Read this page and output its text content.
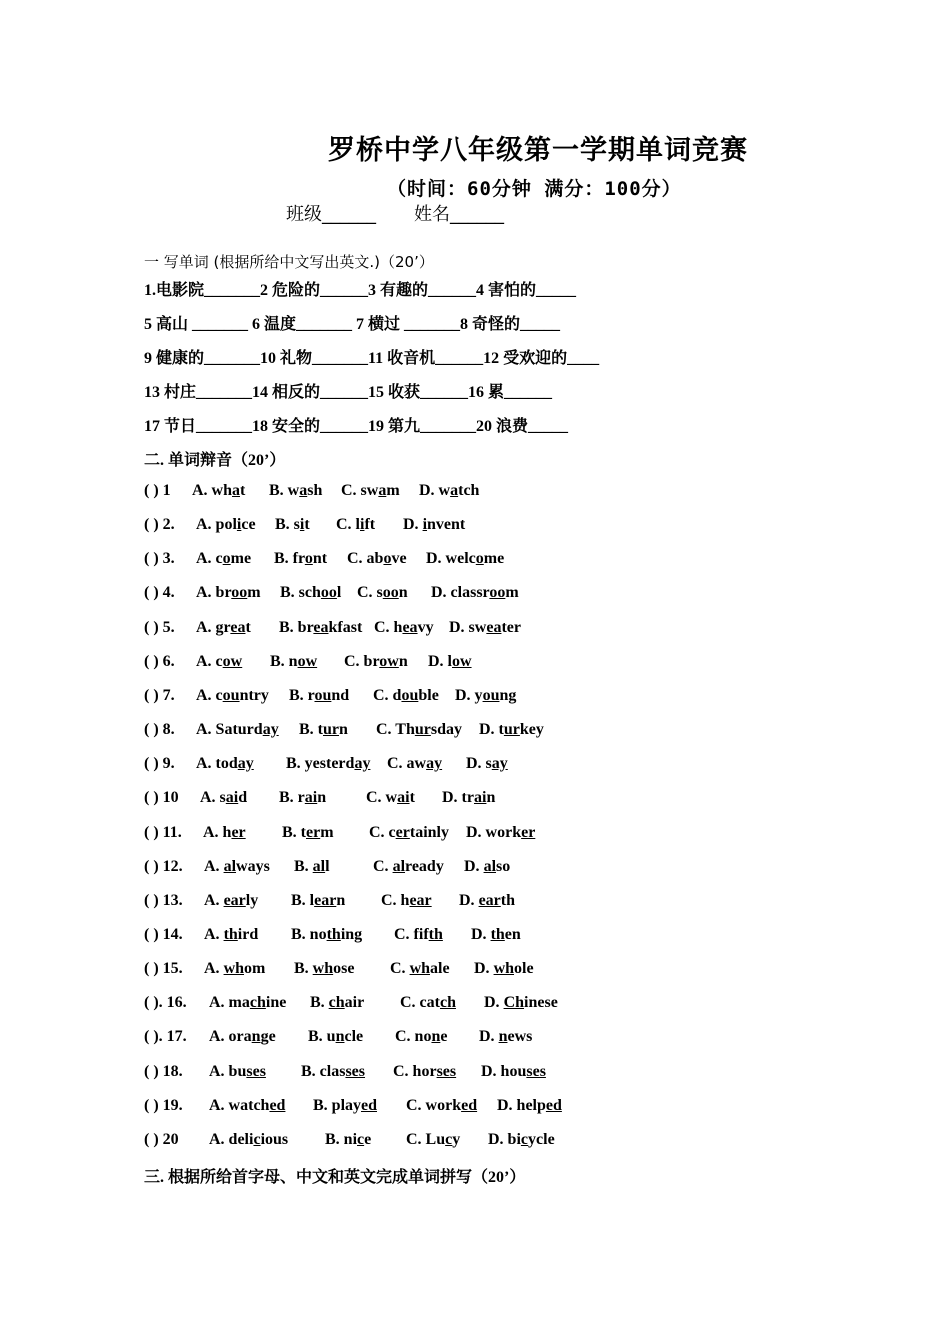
罗桥中学八年级第一学期单词竞赛
（时间：60分钟 满分：100分）
班级______ 姓名______
一 写单词 (根据所给中文写出英文.)（20’）
1.电影院_______2 危险的______3 有趣的______4 害怕的_____
5 高山 _______ 6 温度_______ 7 横过 _______8 奇怪的_____
9 健康的_______10 礼物_______11 收音机______12 受欢迎的____
13 村庄_______14 相反的______15 收获______16 累______
17 节日_______18 安全的______19 第九_______20 浪费_____
二. 单词辩音（20’）
( ) 1 A. what B. wash C. swam D. watch
( ) 2. A. police B. sit C. lift D. invent
( ) 3. A. come B. front C. above D. welcome
( ) 4. A. broom B. school C. soon D. classroom
( ) 5. A. great B. breakfast C. heavy D. sweater
( ) 6. A. cow B. now C. brown D. low
( ) 7. A. country B. round C. double D. young
( ) 8. A. Saturday B. turn C. Thursday D. turkey
( ) 9. A. today B. yesterday C. away D. say
( ) 10 A. said B. rain C. wait D. train
( ) 11. A. her B. term C. certainly D. worker
( ) 12. A. always B. all	C. already D. also
( ) 13. A. early B. learn C. hear D. earth
( ) 14. A. third B. nothing C. fifth D. then
( ) 15. A. whom B. whose C. whale D. whole
( ). 16. A. machine B. chair C. catch D. Chinese
( ). 17. A. orange B. uncle C. none D. news
( ) 18. A. buses B. classes C. horses D. houses
( ) 19. A. watched B. played C. worked D. helped
( ) 20 A. delicious B. nice C. Lucy D. bicycle
三. 根据所给首字母、中文和英文完成单词拼写（20’）
